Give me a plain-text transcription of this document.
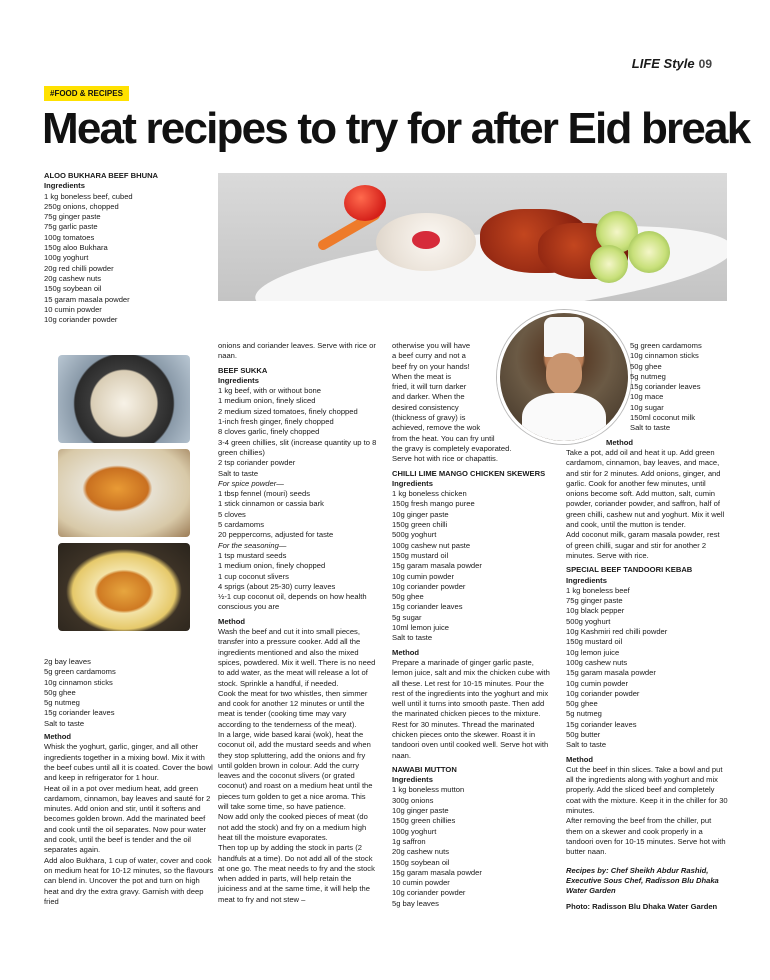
LIFE Style 09
#FOOD & RECIPES
Meat recipes to try for after Eid break
ALOO BUKHARA BEEF BHUNA
Ingredients
1 kg boneless beef, cubed
250g onions, chopped
75g ginger paste
75g garlic paste
100g tomatoes
150g aloo Bukhara
100g yoghurt
20g red chilli powder
20g cashew nuts
150g soybean oil
15 garam masala powder
10 cumin powder
10g coriander powder
2g bay leaves
5g green cardamoms
10g cinnamon sticks
50g ghee
5g nutmeg
15g coriander leaves
Salt to taste
Method
Whisk the yoghurt, garlic, ginger, and all other ingredients together in a mixing bowl. Mix it with the beef cubes until all it is coated. Cover the bowl and keep in refrigerator for 1 hour.
Heat oil in a pot over medium heat, add green cardamom, cinnamon, bay leaves and sauté for 2 minutes. Add onion and stir, until it softens and becomes golden brown. Add the marinated beef and cook until the oil separates. Now pour water and cook, until the beef is tender and the oil separates again.
Add aloo Bukhara, 1 cup of water, cover and cook on medium heat for 10-12 minutes, so the flavours can blend in. Uncover the pot and turn on high heat and dry the extra gravy. Garnish with deep fried
onions and coriander leaves. Serve with rice or naan.
BEEF SUKKA
Ingredients
1 kg beef, with or without bone
1 medium onion, finely sliced
2 medium sized tomatoes, finely chopped
1-inch fresh ginger, finely chopped
8 cloves garlic, finely chopped
3-4 green chillies, slit (increase quantity up to 8 green chillies)
2 tsp coriander powder
Salt to taste
For spice powder—
1 tbsp fennel (mouri) seeds
1 stick cinnamon or cassia bark
5 cloves
5 cardamoms
20 peppercorns, adjusted for taste
For the seasoning—
1 tsp mustard seeds
1 medium onion, finely chopped
1 cup coconut slivers
4 sprigs (about 25-30) curry leaves
½-1 cup coconut oil, depends on how health conscious you are
Method
Wash the beef and cut it into small pieces, transfer into a pressure cooker. Add all the ingredients mentioned and also the mixed spices, powdered. Mix it well. There is no need to add water, as the meat will release a lot of stock. Sprinkle a handful, if needed.
Cook the meat for two whistles, then simmer and cook for another 12 minutes or until the meat is tender (cooking time may vary according to the tenderness of the meat).
In a large, wide based karai (wok), heat the coconut oil, add the mustard seeds and when they stop spluttering, add the onions and fry until golden brown in colour. Add the curry leaves and the coconut slivers (or grated coconut) and roast on a medium heat until the pieces turn golden to get a nice aroma. This will take some time, so have patience.
Now add only the cooked pieces of meat (do not add the stock) and fry on a medium high heat till the moisture evaporates.
Then top up by adding the stock in parts (2 handfuls at a time). Do not add all of the stock at one go. The meat needs to fry and the stock when added in parts, will help retain the juiciness and at the same time, it will help the meat to fry and not stew –
otherwise you will have
a beef curry and not a
beef fry on your hands!
When the meat is
fried, it will turn darker
and darker. When the
desired consistency
(thickness of gravy) is
achieved, remove the wok
from the heat. You can fry until
the gravy is completely evaporated.
Serve hot with rice or chapattis.
CHILLI LIME MANGO CHICKEN SKEWERS
Ingredients
1 kg boneless chicken
150g fresh mango puree
10g ginger paste
150g green chilli
500g yoghurt
100g cashew nut paste
150g mustard oil
15g garam masala powder
10g cumin powder
10g coriander powder
50g ghee
15g coriander leaves
5g sugar
10ml lemon juice
Salt to taste
Method
Prepare a marinade of ginger garlic paste, lemon juice, salt and mix the chicken cube with all these. Let rest for 10-15 minutes. Pour the rest of the ingredients into the yoghurt and mix well until it turns into smooth paste. Then add the marinated chicken pieces to the mixture. Rest for 30 minutes. Thread the marinated chicken pieces onto the skewer. Roast it in tandoori oven until cooked well. Serve hot with naan.
NAWABI MUTTON
Ingredients
1 kg boneless mutton
300g onions
10g ginger paste
150g green chillies
100g yoghurt
1g saffron
20g cashew nuts
150g soybean oil
15g garam masala powder
10 cumin powder
10g coriander powder
5g bay leaves
5g green cardamoms
10g cinnamon sticks
50g ghee
5g nutmeg
15g coriander leaves
10g mace
10g sugar
150ml coconut milk
Salt to taste
Method
Take a pot, add oil and heat it up. Add green cardamom, cinnamon, bay leaves, and mace, and stir for 2 minutes. Add onions, ginger, and garlic. Cook for another few minutes, until onions become soft. Add mutton, salt, cumin powder, coriander powder, and saffron, half of green chilli, cashew nut and yoghurt. Mix it well and cook, until the mutton is tender.
Add coconut milk, garam masala powder, rest of green chilli, sugar and stir for another 2 minutes. Serve with rice.
SPECIAL BEEF TANDOORI KEBAB
Ingredients
1 kg boneless beef
75g ginger paste
10g black pepper
500g yoghurt
10g Kashmiri red chilli powder
150g mustard oil
10g lemon juice
100g cashew nuts
15g garam masala powder
10g cumin powder
10g coriander powder
50g ghee
5g nutmeg
15g coriander leaves
50g butter
Salt to taste
Method
Cut the beef in thin slices. Take a bowl and put all the ingredients along with yoghurt and mix properly. Add the sliced beef and completely coat with the mixture. Keep it in the chiller for 30 minutes.
After removing the beef from the chiller, put them on a skewer and cook properly in a tandoori oven for 10-15 minutes. Serve hot with butter naan.
Recipes by: Chef Sheikh Abdur Rashid, Executive Sous Chef, Radisson Blu Dhaka Water Garden
Photo: Radisson Blu Dhaka Water Garden
